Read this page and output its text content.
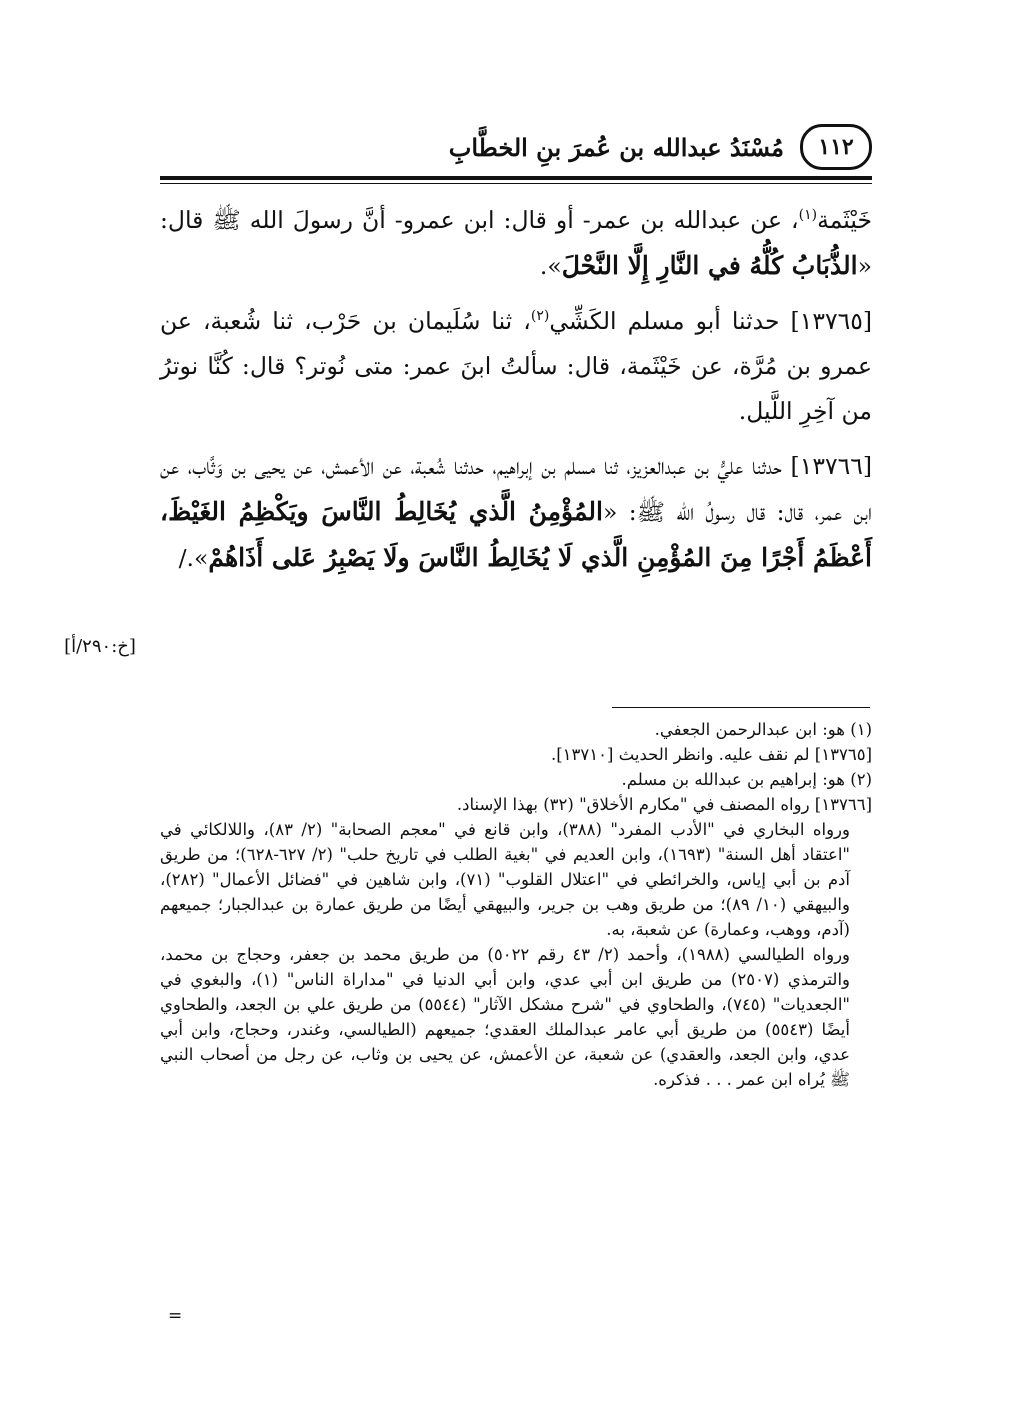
١١٢
مُسْنَدُ عبدالله بن عُمرَ بنِ الخطَّابِ

خَيْثَمة$^{(١)}$، عن عبدالله بن عمر- أو قال: ابن عمرو- أنَّ رسولَ الله ﷺ قال: «الذُّبَابُ كُلُّهُ في النَّارِ إِلَّا النَّحْلَ».

[١٣٧٦٥] حدثنا أبو مسلم الكَشِّي$^{(٢)}$، ثنا سُلَيمان بن حَرْب، ثنا شُعبة، عن عمرو بن مُرَّة، عن خَيْثَمة، قال: سألتُ ابنَ عمر: متى نُوتر؟ قال: كُنَّا نوترُ من آخِرِ اللَّيل.

[١٣٧٦٦] حدثنا عليُّ بن عبدالعزيز، ثنا مسلم بن إبراهيم، حدثنا شُعبة، عن الأعمش، عن يحيى بن وَثَّاب، عن ابن عمر، قال: قال رسولُ الله ﷺ: «المُؤْمِنُ الَّذي يُخَالِطُ النَّاسَ ويَكْظِمُ الغَيْظَ، أَعْظَمُ أَجْرًا مِنَ المُؤْمِنِ الَّذي لَا يُخَالِطُ النَّاسَ ولَا يَصْبِرُ عَلى أَذَاهُمْ»./

[خ:٢٩٠/أ]

(١) هو: ابن عبدالرحمن الجعفي.

[١٣٧٦٥] لم نقف عليه. وانظر الحديث [١٣٧١٠].

(٢) هو: إبراهيم بن عبدالله بن مسلم.

[١٣٧٦٦] رواه المصنف في "مكارم الأخلاق" (٣٢) بهذا الإسناد.

ورواه البخاري في "الأدب المفرد" (٣٨٨)، وابن قانع في "معجم الصحابة" (٢/ ٨٣)، واللالكائي في "اعتقاد أهل السنة" (١٦٩٣)، وابن العديم في "بغية الطلب في تاريخ حلب" (٢/ ٦٢٧-٦٢٨)؛ من طريق آدم بن أبي إياس، والخرائطي في "اعتلال القلوب" (٧١)، وابن شاهين في "فضائل الأعمال" (٢٨٢)، والبيهقي (١٠/ ٨٩)؛ من طريق وهب بن جرير، والبيهقي أيضًا من طريق عمارة بن عبدالجبار؛ جميعهم (آدم، ووهب، وعمارة) عن شعبة، به.

ورواه الطيالسي (١٩٨٨)، وأحمد (٢/ ٤٣ رقم ٥٠٢٢) من طريق محمد بن جعفر، وحجاج بن محمد، والترمذي (٢٥٠٧) من طريق ابن أبي عدي، وابن أبي الدنيا في "مداراة الناس" (١)، والبغوي في "الجعديات" (٧٤٥)، والطحاوي في "شرح مشكل الآثار" (٥٥٤٤) من طريق علي بن الجعد، والطحاوي أيضًا (٥٥٤٣) من طريق أبي عامر عبدالملك العقدي؛ جميعهم (الطيالسي، وغندر، وحجاج، وابن أبي عدي، وابن الجعد، والعقدي) عن شعبة، عن الأعمش، عن يحيى بن وثاب، عن رجل من أصحاب النبي ﷺ يُراه ابن عمر . . . فذكره.

=
